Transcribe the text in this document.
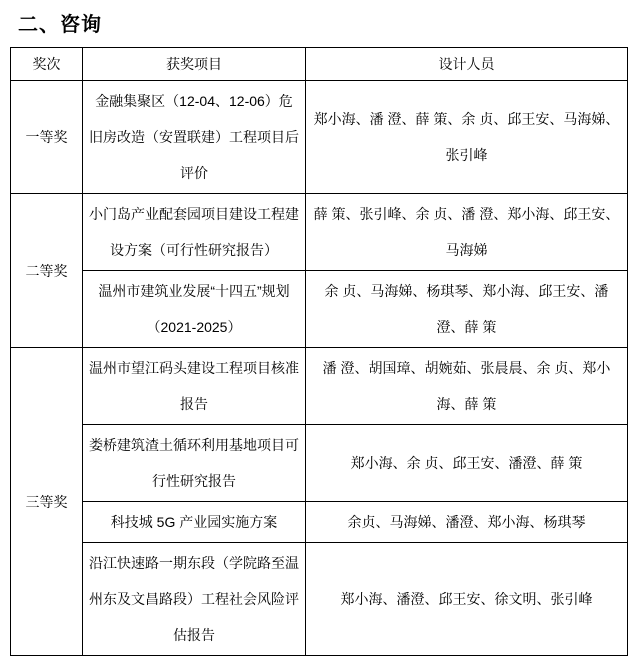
二、咨询
奖次	获奖项目	设计人员
一等奖	金融集聚区（12-04、12-06）危旧房改造（安置联建）工程项目后评价	郑小海、潘 澄、薛 策、余 贞、邱王安、马海娣、张引峰
二等奖	小门岛产业配套园项目建设工程建设方案（可行性研究报告）	薛 策、张引峰、余 贞、潘 澄、郑小海、邱王安、马海娣
	温州市建筑业发展“十四五”规划（2021-2025）	余 贞、马海娣、杨琪琴、郑小海、邱王安、潘 澄、薛 策
三等奖	温州市望江码头建设工程项目核准报告	潘 澄、胡国璋、胡婉茹、张晨晨、余 贞、郑小海、薛 策
	娄桥建筑渣土循环利用基地项目可行性研究报告	郑小海、余 贞、邱王安、潘澄、薛 策
	科技城 5G 产业园实施方案	余贞、马海娣、潘澄、郑小海、杨琪琴
	沿江快速路一期东段（学院路至温州东及文昌路段）工程社会风险评估报告	郑小海、潘澄、邱王安、徐文明、张引峰
